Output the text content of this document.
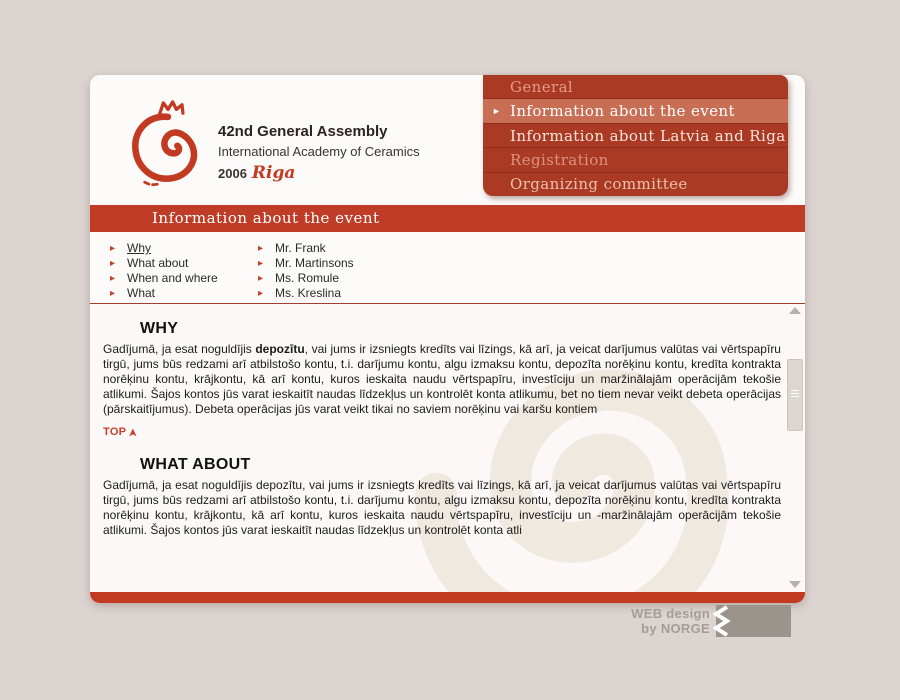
42nd General Assembly
International Academy of Ceramics
2006 Riga
General
► Information about the event
Information about Latvia and Riga
Registration
Organizing committee
Information about the event
▸ Why
▸ What about
▸ When and where
▸ What
▸ Mr. Frank
▸ Mr. Martinsons
▸ Ms. Romule
▸ Ms. Kreslina
WHY

Gadījumā, ja esat noguldījis depozītu, vai jums ir izsniegts kredīts vai līzings, kā arī, ja veicat darījumus valūtas vai vērtspapīru tirgū, jums būs redzami arī atbilstošo kontu, t.i. darījumu kontu, algu izmaksu kontu, depozīta norēķinu kontu, kredīta kontrakta norēķinu kontu, krājkontu, kā arī kontu, kuros ieskaita naudu vērtspapīru, investīciju un maržinālajām operācijām tekošie atlikumi. Šajos kontos jūs varat ieskaitīt naudas līdzekļus un kontrolēt konta atlikumu, bet no tiem nevar veikt debeta operācijas (pārskaitījumus). Debeta operācijas jūs varat veikt tikai no saviem norēķinu vai karšu kontiem

TOP ➤
WHAT ABOUT

Gadījumā, ja esat noguldījis depozītu, vai jums ir izsniegts kredīts vai līzings, kā arī, ja veicat darījumus valūtas vai vērtspapīru tirgū, jums būs redzami arī atbilstošo kontu, t.i. darījumu kontu, algu izmaksu kontu, depozīta norēķinu kontu, kredīta kontrakta norēķinu kontu, krājkontu, kā arī kontu, kuros ieskaita naudu vērtspapīru, investīciju un -maržinālajām operācijām tekošie atlikumi. Šajos kontos jūs varat ieskaitīt naudas līdzekļus un kontrolēt konta atli

WEB design
by NORGE
